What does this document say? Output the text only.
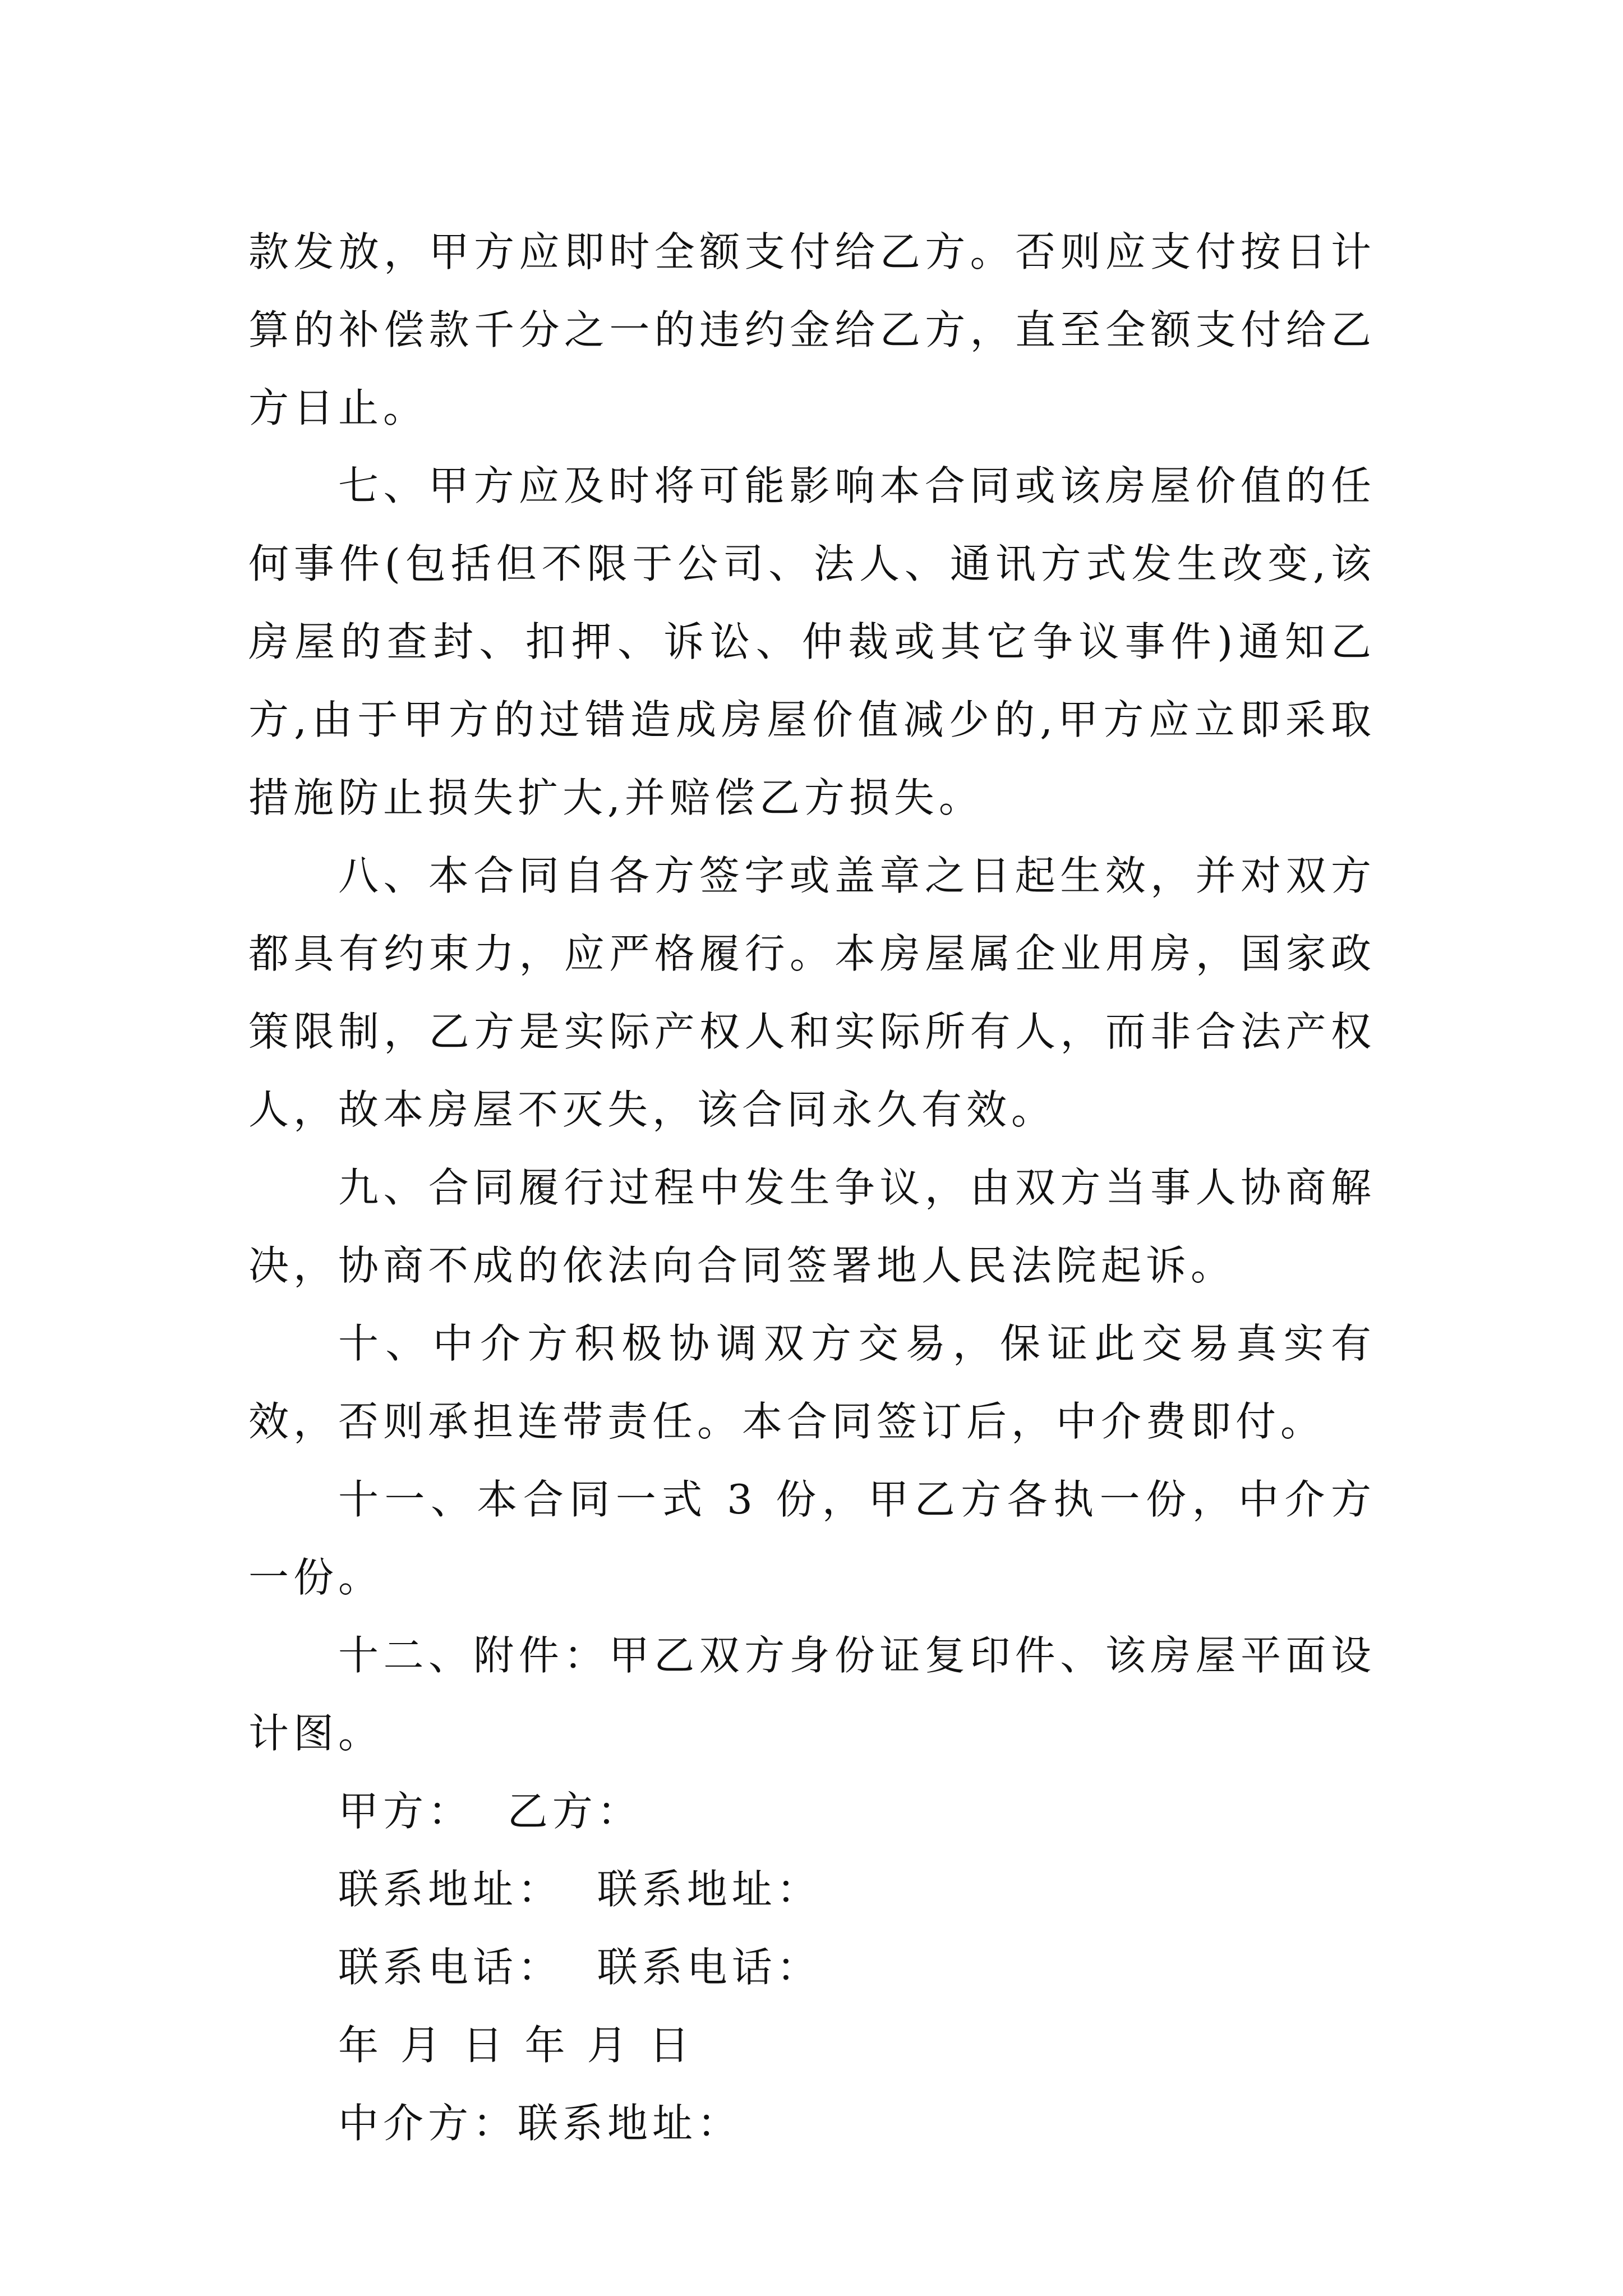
款发放，甲方应即时全额支付给乙方。否则应支付按日计算的补偿款千分之一的违约金给乙方，直至全额支付给乙方日止。

七、甲方应及时将可能影响本合同或该房屋价值的任何事件(包括但不限于公司、法人、通讯方式发生改变,该房屋的查封、扣押、诉讼、仲裁或其它争议事件)通知乙方,由于甲方的过错造成房屋价值减少的,甲方应立即采取措施防止损失扩大,并赔偿乙方损失。

八、本合同自各方签字或盖章之日起生效，并对双方都具有约束力，应严格履行。本房屋属企业用房，国家政策限制，乙方是实际产权人和实际所有人，而非合法产权人，故本房屋不灭失，该合同永久有效。

九、合同履行过程中发生争议，由双方当事人协商解决，协商不成的依法向合同签署地人民法院起诉。

十、中介方积极协调双方交易，保证此交易真实有效，否则承担连带责任。本合同签订后，中介费即付。

十一、本合同一式 3 份，甲乙方各执一份，中介方一份。

十二、附件：甲乙双方身份证复印件、该房屋平面设计图。

甲方：  乙方：

联系地址：  联系地址：

联系电话：  联系电话：

年 月 日 年 月 日

中介方：联系地址：
